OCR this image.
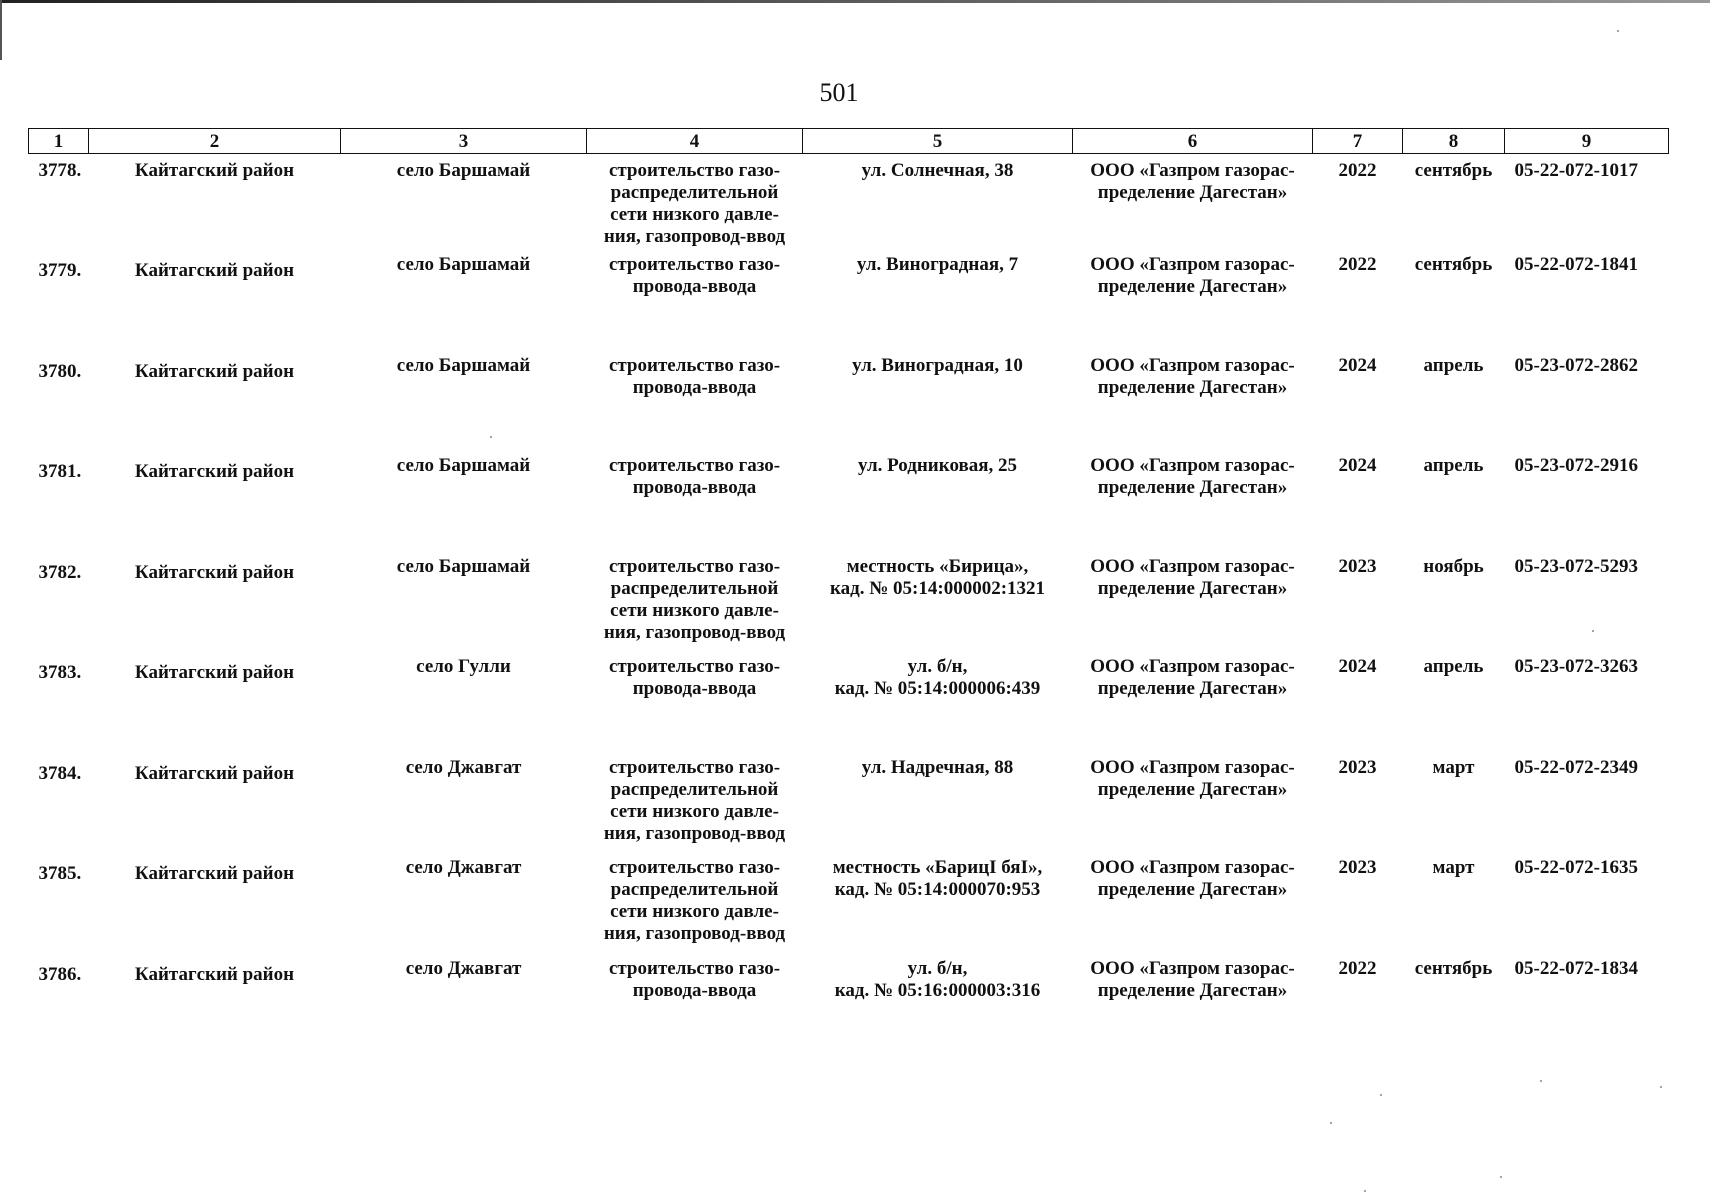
501
1	2	3	4	5	6	7	8	9

3778.	Кайтагский район	село Баршамай	строительство газо-
распределительной
сети низкого давле-
ния, газопровод-ввод	ул. Солнечная, 38	ООО «Газпром газорас-
пределение Дагестан»	2022	сентябрь	05-22-072-1017

3779.	Кайтагский район	село Баршамай	строительство газо-
провода-ввода	ул. Виноградная, 7	ООО «Газпром газорас-
пределение Дагестан»	2022	сентябрь	05-22-072-1841

3780.	Кайтагский район	село Баршамай	строительство газо-
провода-ввода	ул. Виноградная, 10	ООО «Газпром газорас-
пределение Дагестан»	2024	апрель	05-23-072-2862

3781.	Кайтагский район	село Баршамай	строительство газо-
провода-ввода	ул. Родниковая, 25	ООО «Газпром газорас-
пределение Дагестан»	2024	апрель	05-23-072-2916

3782.	Кайтагский район	село Баршамай	строительство газо-
распределительной
сети низкого давле-
ния, газопровод-ввод	местность «Бирица»,
кад. № 05:14:000002:1321	ООО «Газпром газорас-
пределение Дагестан»	2023	ноябрь	05-23-072-5293

3783.	Кайтагский район	село Гулли	строительство газо-
провода-ввода	ул. б/н,
кад. № 05:14:000006:439	ООО «Газпром газорас-
пределение Дагестан»	2024	апрель	05-23-072-3263

3784.	Кайтагский район	село Джавгат	строительство газо-
распределительной
сети низкого давле-
ния, газопровод-ввод	ул. Надречная, 88	ООО «Газпром газорас-
пределение Дагестан»	2023	март	05-22-072-2349

3785.	Кайтагский район	село Джавгат	строительство газо-
распределительной
сети низкого давле-
ния, газопровод-ввод	местность «БарицI бяI»,
кад. № 05:14:000070:953	ООО «Газпром газорас-
пределение Дагестан»	2023	март	05-22-072-1635

3786.	Кайтагский район	село Джавгат	строительство газо-
провода-ввода	ул. б/н,
кад. № 05:16:000003:316	ООО «Газпром газорас-
пределение Дагестан»	2022	сентябрь	05-22-072-1834
